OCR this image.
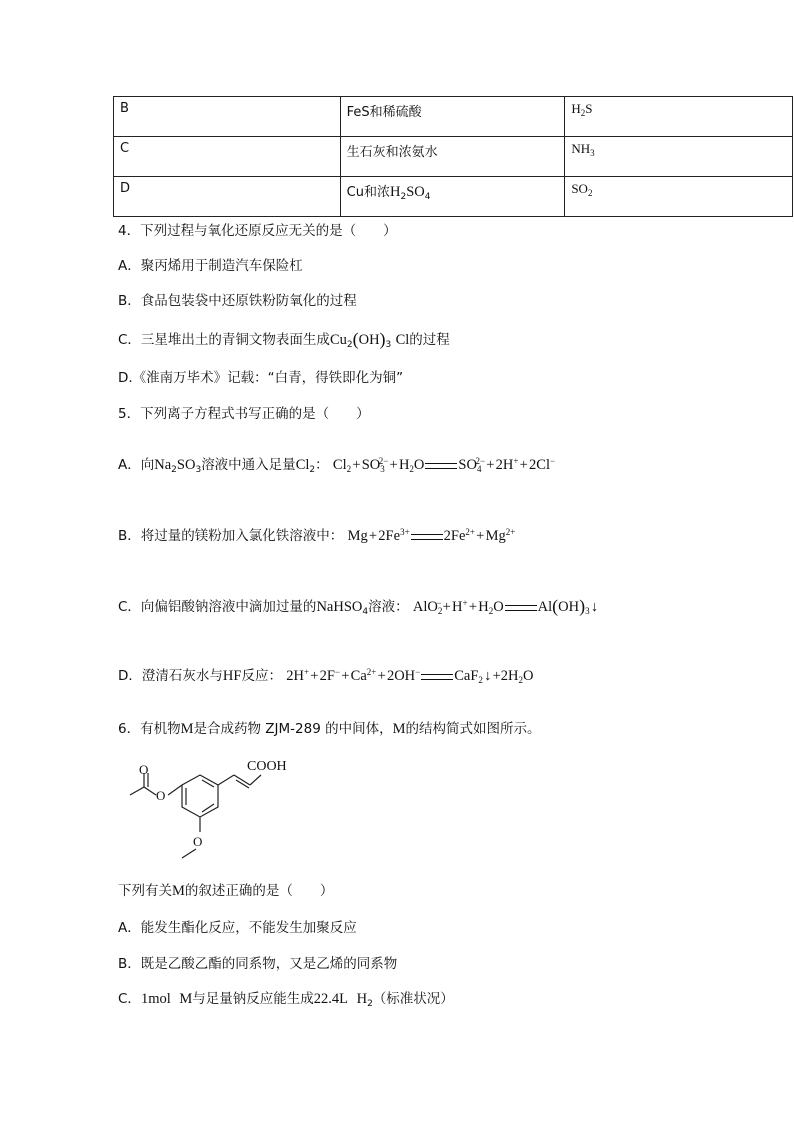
B	FeS和稀硫酸	$H_2S$
C	生石灰和浓氨水	$NH_3$
D	Cu和浓$H_2SO_4$	$SO_2$
4．下列过程与氧化还原反应无关的是（　　）
A．聚丙烯用于制造汽车保险杠
B．食品包装袋中还原铁粉防氧化的过程
C．三星堆出土的青铜文物表面生成$Cu_2(OH)_3$ Cl的过程
D.《淮南万毕术》记载：“白青，得铁即化为铜”
5．下列离子方程式书写正确的是（　　）
A．向$Na_2SO_3$溶液中通入足量$Cl_2$： $Cl_2$ + $SO_3^{2-}$ + $H_2O$ $SO_4^{2-}$ + 2H+ + 2Cl−
B．将过量的镁粉加入氯化铁溶液中： Mg + $2Fe^{3+}$ $2Fe^{2+}$ + $Mg^{2+}$
C．向偏铝酸钠溶液中滴加过量的NaHSO$_4$溶液： AlO$_2$− + H+ + $H_2O$ $Al(OH)_3$ ↓
D．澄清石灰水与HF反应： 2H+ + 2F− + $Ca^{2+}$ + 2OH− CaF$_2$ ↓ $+2H_2O$
6．有机物M是合成药物 ZJM-289 的中间体，M的结构简式如图所示。
COOH
O
O
O
下列有关M的叙述正确的是（　　）
A．能发生酯化反应，不能发生加聚反应
B．既是乙酸乙酯的同系物，又是乙烯的同系物
C．1mol M与足量钠反应能生成22.4L $H_2$（标准状况）
